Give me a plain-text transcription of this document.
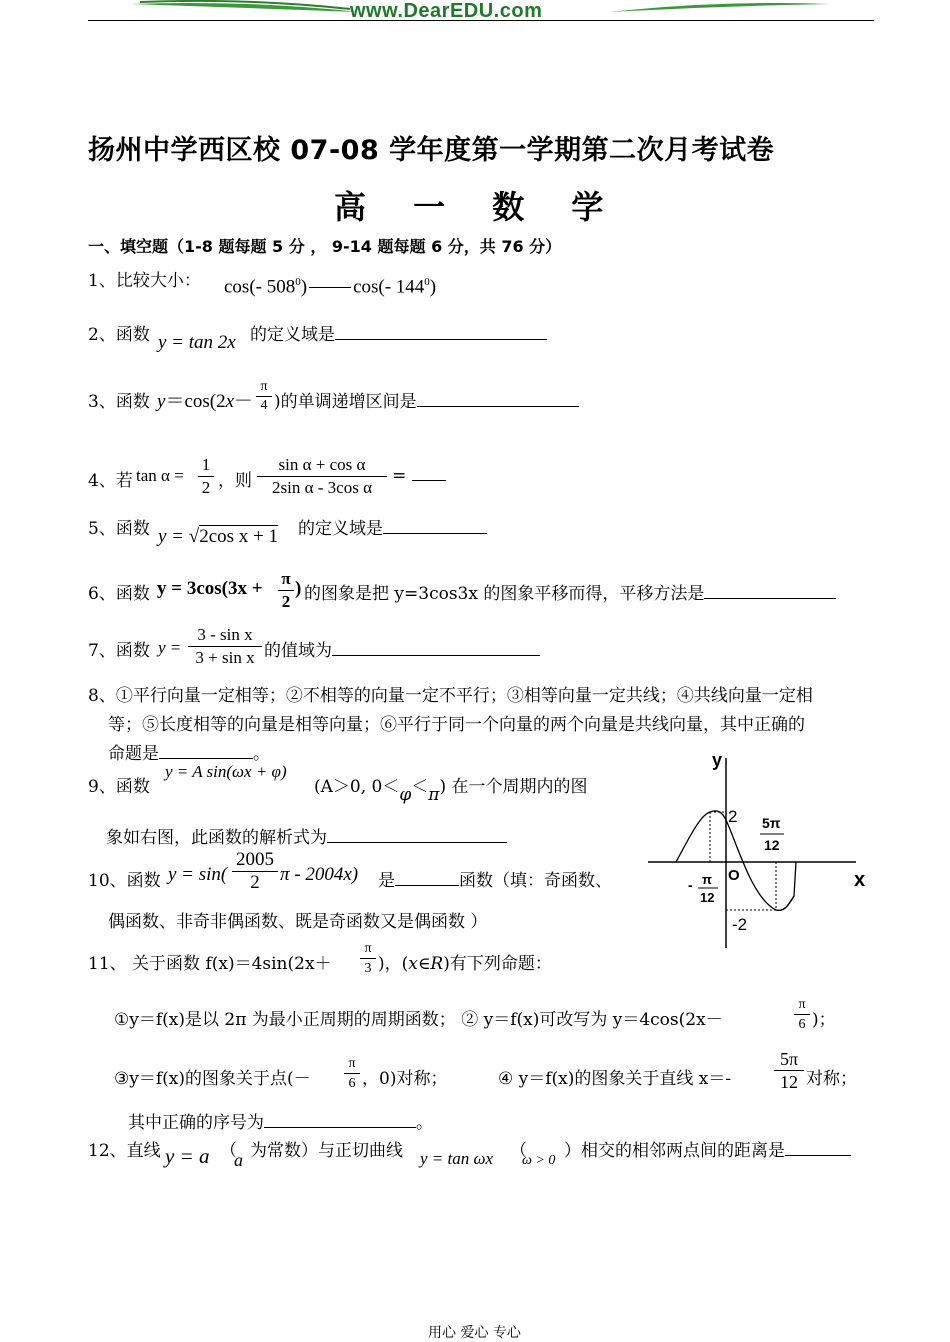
www.DearEDU.com
扬州中学西区校 07-08 学年度第一学期第二次月考试卷
高 一 数 学
一、填空题（1-8 题每题 5 分 ， 9-14 题每题 6 分，共 76 分）
1、比较大小： cos(- $508^0$) cos(- $144^0$)
2、函数 y = tan 2x 的定义域是
3、函数 y＝cos(2x－
π
4 )的单调递增区间是
4、若 tan α =
1
2 ，则
sin α + cos α
2sin α - 3cos α
=
5、函数 y = √2cos x + 1 的定义域是
6、函数 y = 3cos(3x + π
2
) 的图象是把 y=3cos3x 的图象平移而得，平移方法是
7、函数 y =
3 - sin x
3 + sin x 的值域为
8、①平行向量一定相等；②不相等的向量一定不平行；③相等向量一定共线；④共线向量一定相
等；⑤长度相等的向量是相等向量；⑥平行于同一个向量的两个向量是共线向量，其中正确的
命题是	。
9、函数
y = A sin(ωx + φ)
(A＞0, 0＜φ＜π) 在一个周期内的图
象如右图，此函数的解析式为
y
x
O
2
-2
5π
12
- π
12
10、函数 y = sin(
2005
2	π - 2004x) 是	函数（填：奇函数、
偶函数、非奇非偶函数、既是奇函数又是偶函数 ）
11、 关于函数 f(x)＝4sin(2x＋
π
3 )，(x∈R)有下列命题：
①y＝f(x)是以 2π 为最小正周期的周期函数； ② y＝f(x)可改写为 y＝4cos(2x－
π
6 )；
③y＝f(x)的图象关于点(－
π
6 ，0)对称；	④ y＝f(x)的图象关于直线 x＝-
5π
12 对称；
其中正确的序号为	。
12、直线 y = a （
a 为常数）与正切曲线 y = tan ωx （
ω > 0 ）相交的相邻两点间的距离是
用心 爱心 专心
